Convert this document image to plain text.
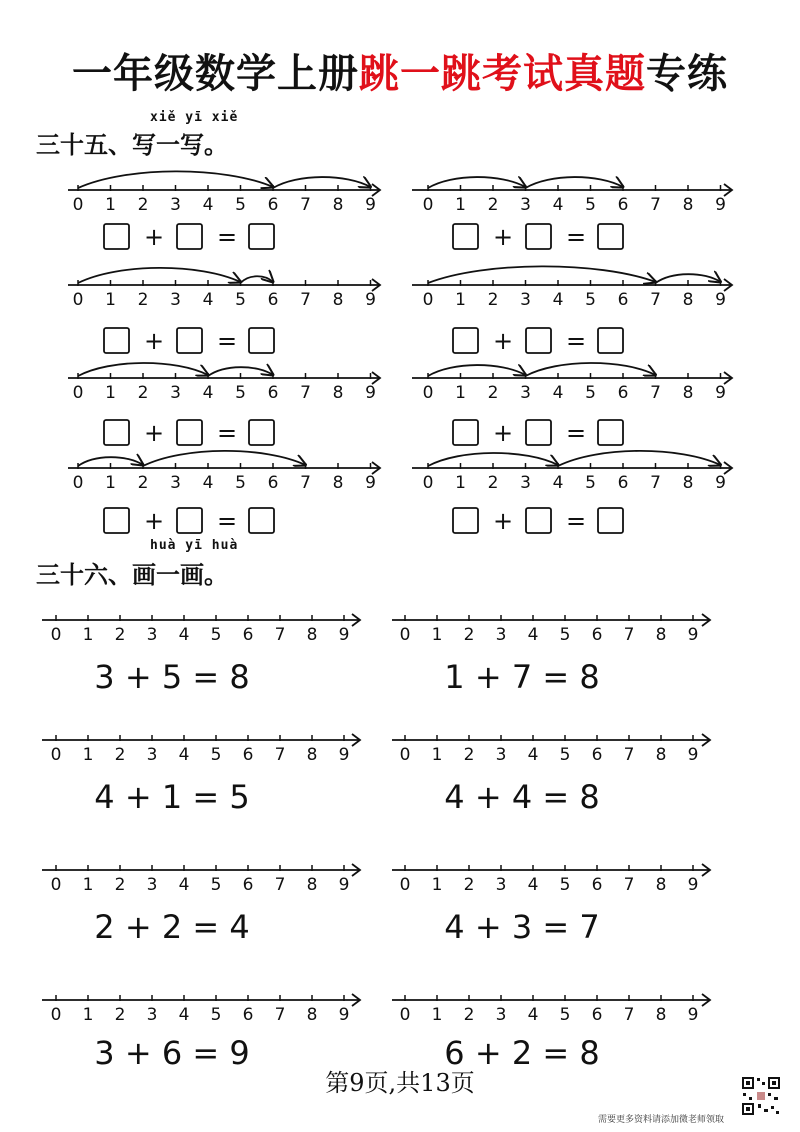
一年级数学上册跳一跳考试真题专练
xiě yī xiě
三十五、写一写。
huà yī huà
三十六、画一画。
0 1 2 3 4 5 6 7 8 9
+ =
0 1 2 3 4 5 6 7 8 9
+ =
0 1 2 3 4 5 6 7 8 9
+ =
0 1 2 3 4 5 6 7 8 9
+ =
0 1 2 3 4 5 6 7 8 9
+ =
0 1 2 3 4 5 6 7 8 9
+ =
0 1 2 3 4 5 6 7 8 9
+ =
0 1 2 3 4 5 6 7 8 9
+ =
0 1 2 3 4 5 6 7 8 9
3 + 5 = 8
0 1 2 3 4 5 6 7 8 9
1 + 7 = 8
0 1 2 3 4 5 6 7 8 9
4 + 1 = 5
0 1 2 3 4 5 6 7 8 9
4 + 4 = 8
0 1 2 3 4 5 6 7 8 9
2 + 2 = 4
0 1 2 3 4 5 6 7 8 9
4 + 3 = 7
0 1 2 3 4 5 6 7 8 9
3 + 6 = 9
0 1 2 3 4 5 6 7 8 9
6 + 2 = 8
第9页,共13页
需要更多资料请添加微老师领取
